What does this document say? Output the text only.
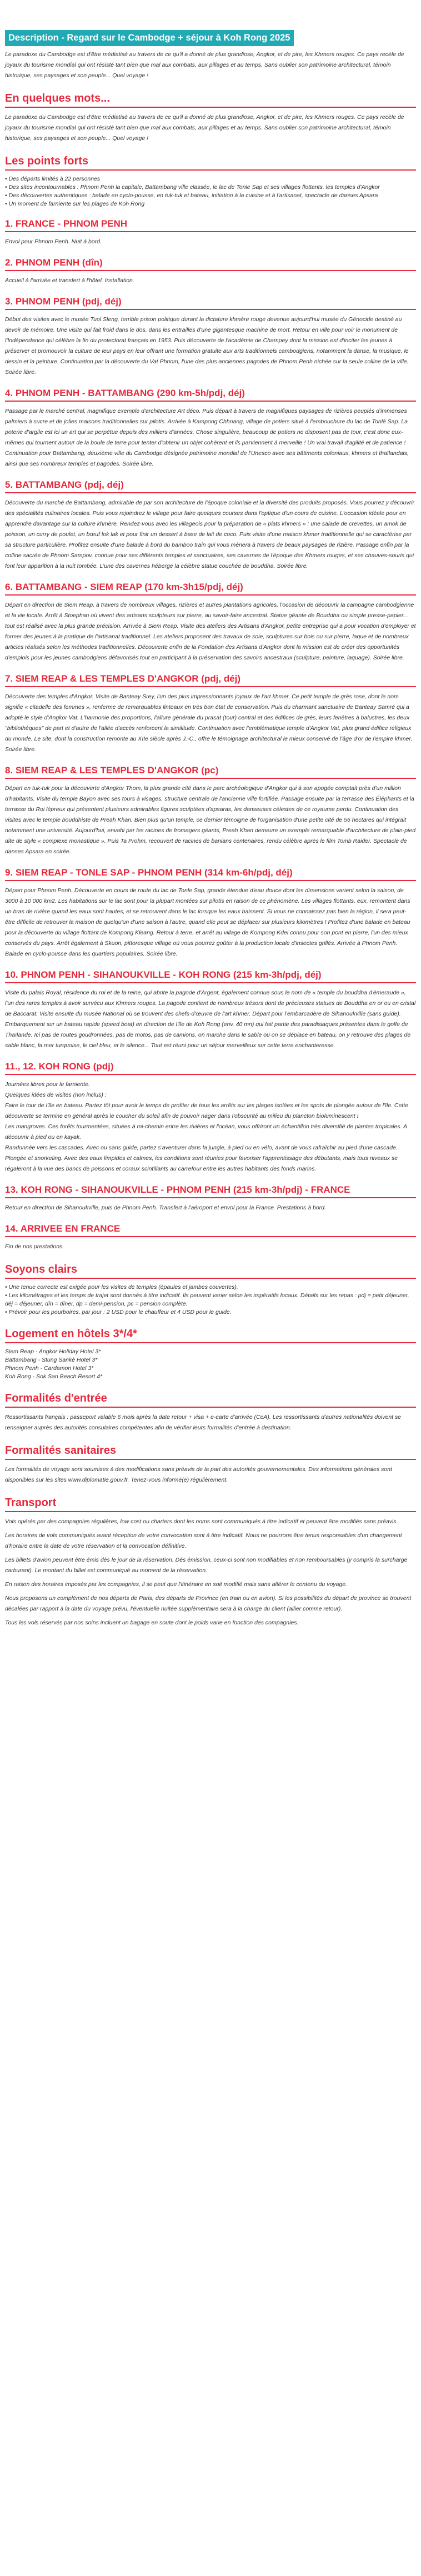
Description - Regard sur le Cambodge + séjour à Koh Rong 2025

Le paradoxe du Cambodge est d'être médiatisé au travers de ce qu'il a donné de plus grandiose, Angkor, et de pire, les Khmers rouges. Ce pays recèle de joyaux du tourisme mondial qui ont résisté tant bien que mal aux combats, aux pillages et au temps. Sans oublier son patrimoine architectural, témoin historique, ses paysages et son peuple... Quel voyage !

En quelques mots...

Le paradoxe du Cambodge est d'être médiatisé au travers de ce qu'il a donné de plus grandiose, Angkor, et de pire, les Khmers rouges. Ce pays recèle de joyaux du tourisme mondial qui ont résisté tant bien que mal aux combats, aux pillages et au temps. Sans oublier son patrimoine architectural, témoin historique, ses paysages et son peuple... Quel voyage !

Les points forts
• Des départs limités à 22 personnes
• Des sites incontournables : Phnom Penh la capitale, Battambang ville classée, le lac de Tonle Sap et ses villages flottants, les temples d'Angkor
• Des découvertes authentiques : balade en cyclo-pousse, en tuk-tuk et bateau, initiation à la cuisine et à l'artisanat, spectacle de danses Apsara
• Un moment de farniente sur les plages de Koh Rong
1. FRANCE - PHNOM PENH

Envol pour Phnom Penh. Nuit à bord.

2. PHNOM PENH (dîn)

Accueil à l'arrivée et transfert à l'hôtel. Installation.

3. PHNOM PENH (pdj, déj)

Début des visites avec le musée Tuol Sleng, terrible prison politique durant la dictature khmère rouge devenue aujourd'hui musée du Génocide destiné au devoir de mémoire. Une visite qui fait froid dans le dos, dans les entrailles d'une gigantesque machine de mort. Retour en ville pour voir le monument de l'Indépendance qui célèbre la fin du protectorat français en 1953. Puis découverte de l'académie de Champey dont la mission est d'inciter les jeunes à préserver et promouvoir la culture de leur pays en leur offrant une formation gratuite aux arts traditionnels cambodgiens, notamment la danse, la musique, le dessin et la peinture. Continuation par la découverte du Vat Phnom, l'une des plus anciennes pagodes de Phnom Penh nichée sur la seule colline de la ville. Soirée libre.

4. PHNOM PENH - BATTAMBANG (290 km-5h/pdj, déj)

Passage par le marché central, magnifique exemple d'architecture Art déco. Puis départ à travers de magnifiques paysages de rizières peuplés d'immenses palmiers à sucre et de jolies maisons traditionnelles sur pilotis. Arrivée à Kampong Chhnang, village de potiers situé à l'embouchure du lac de Tonlé Sap. La poterie d'argile est ici un art qui se perpétue depuis des milliers d'années. Chose singulière, beaucoup de potiers ne disposent pas de tour, c'est donc eux-mêmes qui tournent autour de la boule de terre pour tenter d'obtenir un objet cohérent et ils parviennent à merveille ! Un vrai travail d'agilité et de patience ! Continuation pour Battambang, deuxième ville du Cambodge désignée patrimoine mondial de l'Unesco avec ses bâtiments coloniaux, khmers et thaïlandais, ainsi que ses nombreux temples et pagodes. Soirée libre.

5. BATTAMBANG (pdj, déj)

Découverte du marché de Battambang, admirable de par son architecture de l'époque coloniale et la diversité des produits proposés. Vous pourrez y découvrir des spécialités culinaires locales. Puis vous rejoindrez le village pour faire quelques courses dans l'optique d'un cours de cuisine. L'occasion idéale pour en apprendre davantage sur la culture khmère. Rendez-vous avec les villageois pour la préparation de « plats khmers » : une salade de crevettes, un amok de poisson, un curry de poulet, un bœuf lok lak et pour finir un dessert à base de lait de coco. Puis visite d'une maison khmer traditionnelle qui se caractérise par sa structure particulière. Profitez ensuite d'une balade à bord du bamboo train qui vous mènera à travers de beaux paysages de rizière. Passage enfin par la colline sacrée de Phnom Sampov, connue pour ses différents temples et sanctuaires, ses cavernes de l'époque des Khmers rouges, et ses chauves-souris qui font leur apparition à la nuit tombée. L'une des cavernes héberge la célèbre statue couchée de bouddha. Soirée libre.

6. BATTAMBANG - SIEM REAP (170 km-3h15/pdj, déj)

Départ en direction de Siem Reap, à travers de nombreux villages, rizières et autres plantations agricoles, l'occasion de découvrir la campagne cambodgienne et la vie locale. Arrêt à Stoephan où vivent des artisans sculpteurs sur pierre, au savoir-faire ancestral. Statue géante de Bouddha ou simple presse-papier... tout est réalisé avec la plus grande précision. Arrivée à Siem Reap. Visite des ateliers des Artisans d'Angkor, petite entreprise qui a pour vocation d'employer et former des jeunes à la pratique de l'artisanat traditionnel. Les ateliers proposent des travaux de soie, sculptures sur bois ou sur pierre, laque et de nombreux articles réalisés selon les méthodes traditionnelles. Découverte enfin de la Fondation des Artisans d'Angkor dont la mission est de créer des opportunités d'emplois pour les jeunes cambodgiens défavorisés tout en participant à la préservation des savoirs ancestraux (sculpture, peinture, laquage). Soirée libre.

7. SIEM REAP & LES TEMPLES D'ANGKOR (pdj, déj)

Découverte des temples d'Angkor. Visite de Banteay Srey, l'un des plus impressionnants joyaux de l'art khmer. Ce petit temple de grès rose, dont le nom signifie « citadelle des femmes », renferme de remarquables linteaux en très bon état de conservation. Puis du charmant sanctuaire de Banteay Samré qui a adopté le style d'Angkor Vat. L'harmonie des proportions, l'allure générale du prasat (tour) central et des édifices de grès, leurs fenêtres à balustres, les deux "bibliothèques" de part et d'autre de l'allée d'accès renforcent la similitude. Continuation avec l'emblématique temple d'Angkor Vat, plus grand édifice religieux du monde. Le site, dont la construction remonte au XIIe siècle après J.-C., offre le témoignage architectural le mieux conservé de l'âge d'or de l'empire khmer. Soirée libre.

8. SIEM REAP & LES TEMPLES D'ANGKOR (pc)

Départ en tuk-tuk pour la découverte d'Angkor Thom, la plus grande cité dans le parc archéologique d'Angkor qui à son apogée comptait près d'un million d'habitants. Visite du temple Bayon avec ses tours à visages, structure centrale de l'ancienne ville fortifiée. Passage ensuite par la terrasse des Éléphants et la terrasse du Roi lépreux qui présentent plusieurs admirables figures sculptées d'apsaras, les danseuses célestes de ce royaume perdu. Continuation des visites avec le temple bouddhiste de Preah Khan. Bien plus qu'un temple, ce dernier témoigne de l'organisation d'une petite cité de 56 hectares qui intégrait notamment une université. Aujourd'hui, envahi par les racines de fromagers géants, Preah Khan demeure un exemple remarquable d'architecture de plain-pied dite de style « complexe monastique ». Puis Ta Prohm, recouvert de racines de banians centenaires, rendu célèbre après le film Tomb Raider. Spectacle de danses Apsara en soirée.

9. SIEM REAP - TONLE SAP - PHNOM PENH (314 km-6h/pdj, déj)

Départ pour Phnom Penh. Découverte en cours de route du lac de Tonle Sap, grande étendue d'eau douce dont les dimensions varient selon la saison, de 3000 à 10 000 km2. Les habitations sur le lac sont pour la plupart montées sur pilotis en raison de ce phénomène. Les villages flottants, eux, remontent dans un bras de rivière quand les eaux sont hautes, et se retrouvent dans le lac lorsque les eaux baissent. Si vous ne connaissez pas bien la région, il sera peut-être difficile de retrouver la maison de quelqu'un d'une saison à l'autre, quand elle peut se déplacer sur plusieurs kilomètres ! Profitez d'une balade en bateau pour la découverte du village flottant de Kompong Kleang. Retour à terre, et arrêt au village de Kompong Kdei connu pour son pont en pierre, l'un des mieux conservés du pays. Arrêt également à Skuon, pittoresque village où vous pourrez goûter à la production locale d'insectes grillés. Arrivée à Phnom Penh. Balade en cyclo-pousse dans les quartiers populaires. Soirée libre.

10. PHNOM PENH - SIHANOUKVILLE - KOH RONG (215 km-3h/pdj, déj)

Visite du palais Royal, résidence du roi et de la reine, qui abrite la pagode d'Argent, également connue sous le nom de « temple du bouddha d'émeraude », l'un des rares temples à avoir survécu aux Khmers rouges. La pagode contient de nombreux trésors dont de précieuses statues de Bouddha en or ou en cristal de Baccarat. Visite ensuite du musée National où se trouvent des chefs-d'œuvre de l'art khmer. Départ pour l'embarcadère de Sihanoukville (sans guide). Embarquement sur un bateau rapide (speed boat) en direction de l'île de Koh Rong (env. 40 mn) qui fait partie des paradisiaques présentes dans le golfe de Thaïlande. Ici pas de routes goudronnées, pas de motos, pas de camions, on marche dans le sable ou on se déplace en bateau, on y retrouve des plages de sable blanc, la mer turquoise, le ciel bleu, et le silence... Tout est réuni pour un séjour merveilleux sur cette terre enchanteresse.

11., 12. KOH RONG (pdj)

Journées libres pour le farniente.
Quelques idées de visites (non inclus) :
Faire le tour de l'île en bateau. Partez tôt pour avoir le temps de profiter de tous les arrêts sur les plages isolées et les spots de plongée autour de l'île. Cette découverte se termine en général après le coucher du soleil afin de pouvoir nager dans l'obscurité au milieu du plancton bioluminescent !
Les mangroves. Ces forêts tourmentées, situées à mi-chemin entre les rivières et l'océan, vous offriront un échantillon très diversifié de plantes tropicales. A découvrir à pied ou en kayak.
Randonnée vers les cascades. Avec ou sans guide, partez s'aventurer dans la jungle, à pied ou en vélo, avant de vous rafraîchir au pied d'une cascade.
Plongée et snorkeling. Avec des eaux limpides et calmes, les conditions sont réunies pour favoriser l'apprentissage des débutants, mais tous niveaux se régaleront à la vue des bancs de poissons et coraux scintillants au carrefour entre les autres habitants des fonds marins.

13. KOH RONG - SIHANOUKVILLE - PHNOM PENH (215 km-3h/pdj) - FRANCE

Retour en direction de Sihanoukville, puis de Phnom Penh. Transfert à l'aéroport et envol pour la France. Prestations à bord.

14. ARRIVEE EN FRANCE

Fin de nos prestations.

Soyons clairs
• Une tenue correcte est exigée pour les visites de temples (épaules et jambes couvertes).
• Les kilométrages et les temps de trajet sont donnés à titre indicatif. Ils peuvent varier selon les impératifs locaux. Détails sur les repas : pdj = petit déjeuner, déj = déjeuner, dîn = dîner, dp = demi-pension, pc = pension complète.
• Prévoir pour les pourboires, par jour : 2 USD pour le chauffeur et 4 USD pour le guide.
Logement en hôtels 3*/4*
Siem Reap - Angkor Holiday Hotel 3*
Battambang - Stung Sankè Hotel 3*
Phnom Penh - Cardamon Hotel 3*
Koh Rong - Sok San Beach Resort 4*
Formalités d'entrée

Ressortissants français : passeport valable 6 mois après la date retour + visa + e-carte d'arrivée (CeA). Les ressortissants d'autres nationalités doivent se renseigner auprès des autorités consulaires compétentes afin de vérifier leurs formalités d'entrée à destination.

Formalités sanitaires

Les formalités de voyage sont soumises à des modifications sans préavis de la part des autorités gouvernementales. Des informations générales sont disponibles sur les sites www.diplomatie.gouv.fr. Tenez-vous informé(e) régulièrement.

Transport

Vols opérés par des compagnies régulières, low cost ou charters dont les noms sont communiqués à titre indicatif et peuvent être modifiés sans préavis.

Les horaires de vols communiqués avant réception de votre convocation sont à titre indicatif. Nous ne pourrons être tenus responsables d'un changement d'horaire entre la date de votre réservation et la convocation définitive.

Les billets d'avion peuvent être émis dès le jour de la réservation. Dès émission, ceux-ci sont non modifiables et non remboursables (y compris la surcharge carburant). Le montant du billet est communiqué au moment de la réservation.

En raison des horaires imposés par les compagnies, il se peut que l'itinéraire en soit modifié mais sans altérer le contenu du voyage.

Nous proposons un complément de nos départs de Paris, des départs de Province (en train ou en avion). Si les possibilités du départ de province se trouvent décalées par rapport à la date du voyage prévu, l'éventuelle nuitée supplémentaire sera à la charge du client (allier comme retour).

Tous les vols réservés par nos soins incluent un bagage en soute dont le poids varie en fonction des compagnies.
